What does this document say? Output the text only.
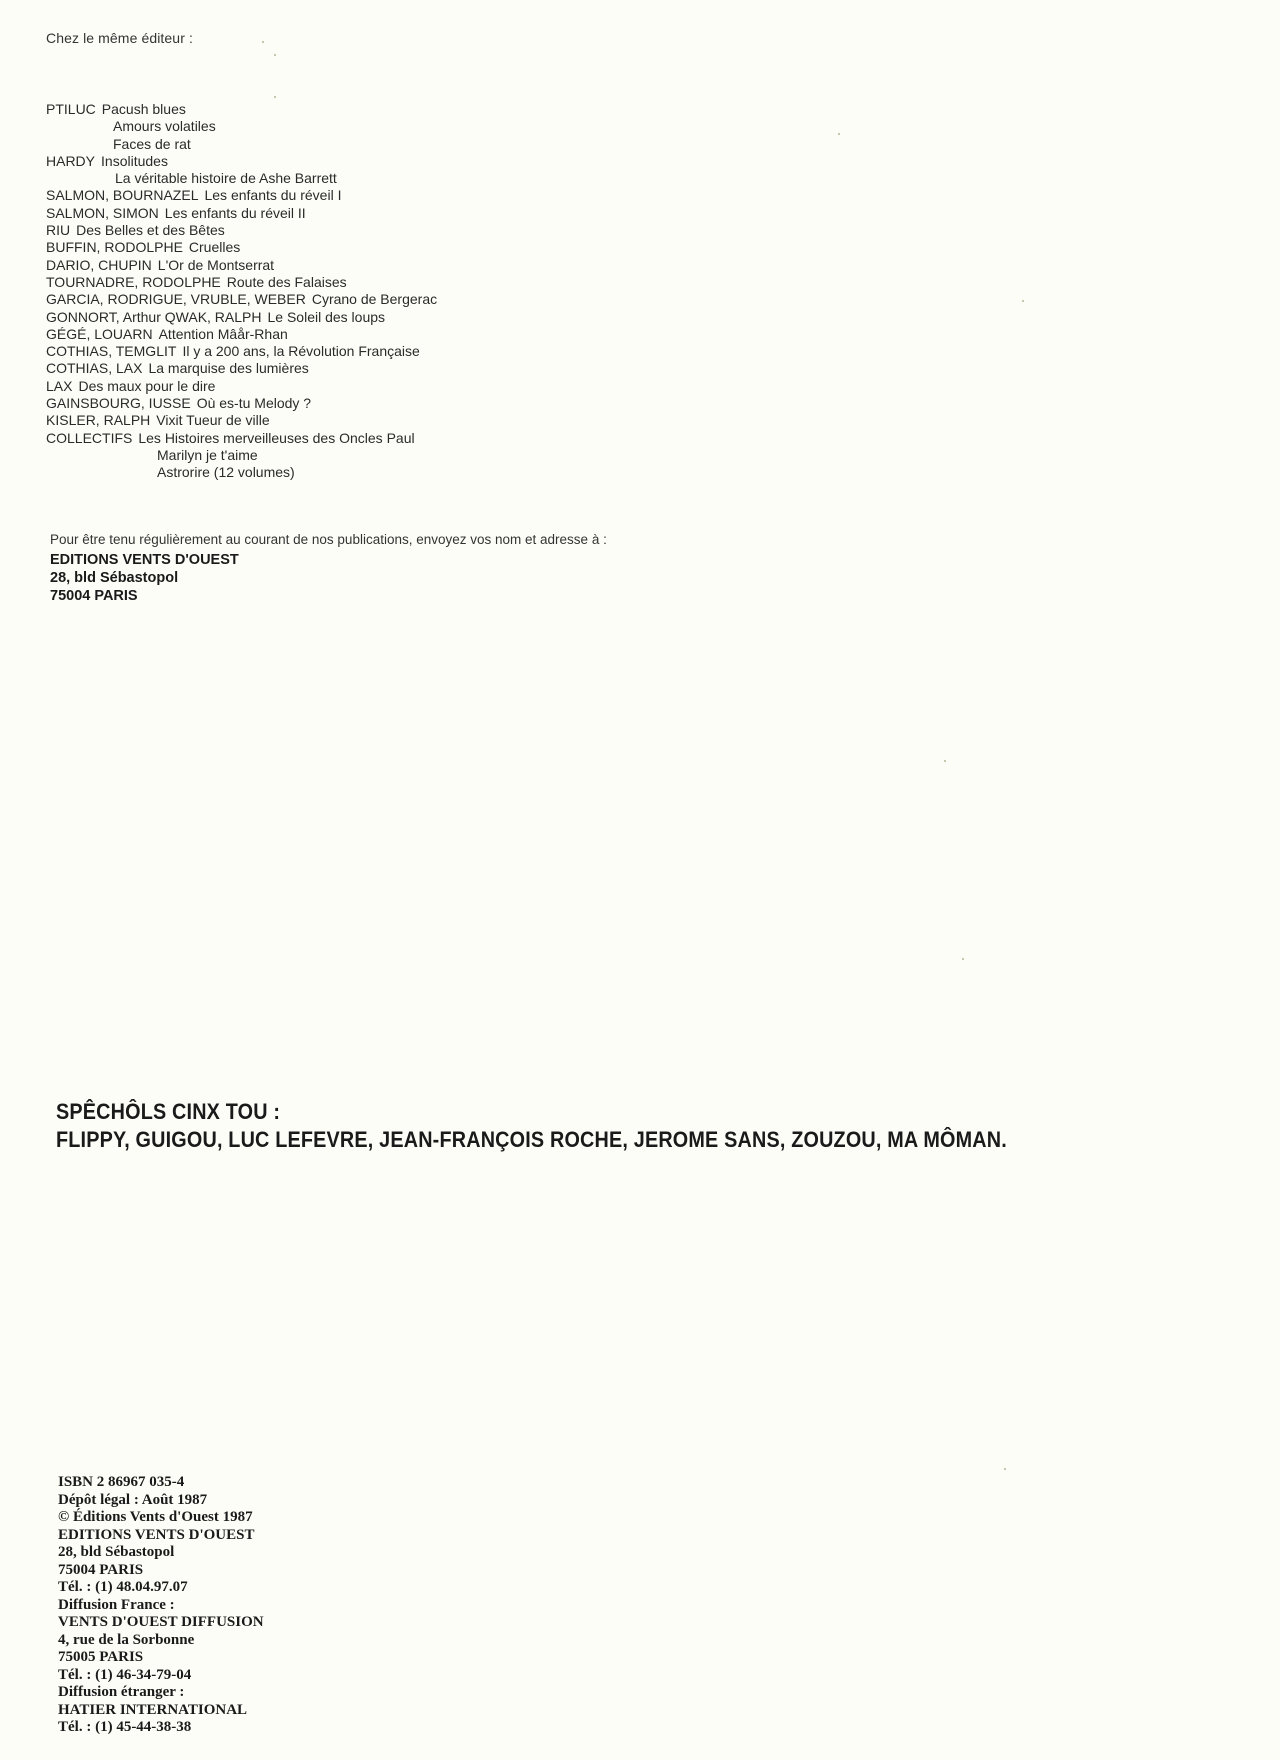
Chez le même éditeur :
PTILUC Pacush blues
Amours volatiles
Faces de rat
HARDY Insolitudes
La véritable histoire de Ashe Barrett
SALMON, BOURNAZEL Les enfants du réveil I
SALMON, SIMON Les enfants du réveil II
RIU Des Belles et des Bêtes
BUFFIN, RODOLPHE Cruelles
DARIO, CHUPIN L'Or de Montserrat
TOURNADRE, RODOLPHE Route des Falaises
GARCIA, RODRIGUE, VRUBLE, WEBER Cyrano de Bergerac
GONNORT, Arthur QWAK, RALPH Le Soleil des loups
GÉGÉ, LOUARN Attention Mâår-Rhan
COTHIAS, TEMGLIT Il y a 200 ans, la Révolution Française
COTHIAS, LAX La marquise des lumières
LAX Des maux pour le dire
GAINSBOURG, IUSSE Où es-tu Melody ?
KISLER, RALPH Vixit Tueur de ville
COLLECTIFS Les Histoires merveilleuses des Oncles Paul
Marilyn je t'aime
Astrorire (12 volumes)
Pour être tenu régulièrement au courant de nos publications, envoyez vos nom et adresse à :
EDITIONS VENTS D'OUEST
28, bld Sébastopol
75004 PARIS
SPÊCHÔLS CINX TOU :
FLIPPY, GUIGOU, LUC LEFEVRE, JEAN-FRANÇOIS ROCHE, JEROME SANS, ZOUZOU, MA MÔMAN.
ISBN 2 86967 035-4
Dépôt légal : Août 1987
© Éditions Vents d'Ouest 1987
EDITIONS VENTS D'OUEST
28, bld Sébastopol
75004 PARIS
Tél. : (1) 48.04.97.07
Diffusion France :
VENTS D'OUEST DIFFUSION
4, rue de la Sorbonne
75005 PARIS
Tél. : (1) 46-34-79-04
Diffusion étranger :
HATIER INTERNATIONAL
Tél. : (1) 45-44-38-38
